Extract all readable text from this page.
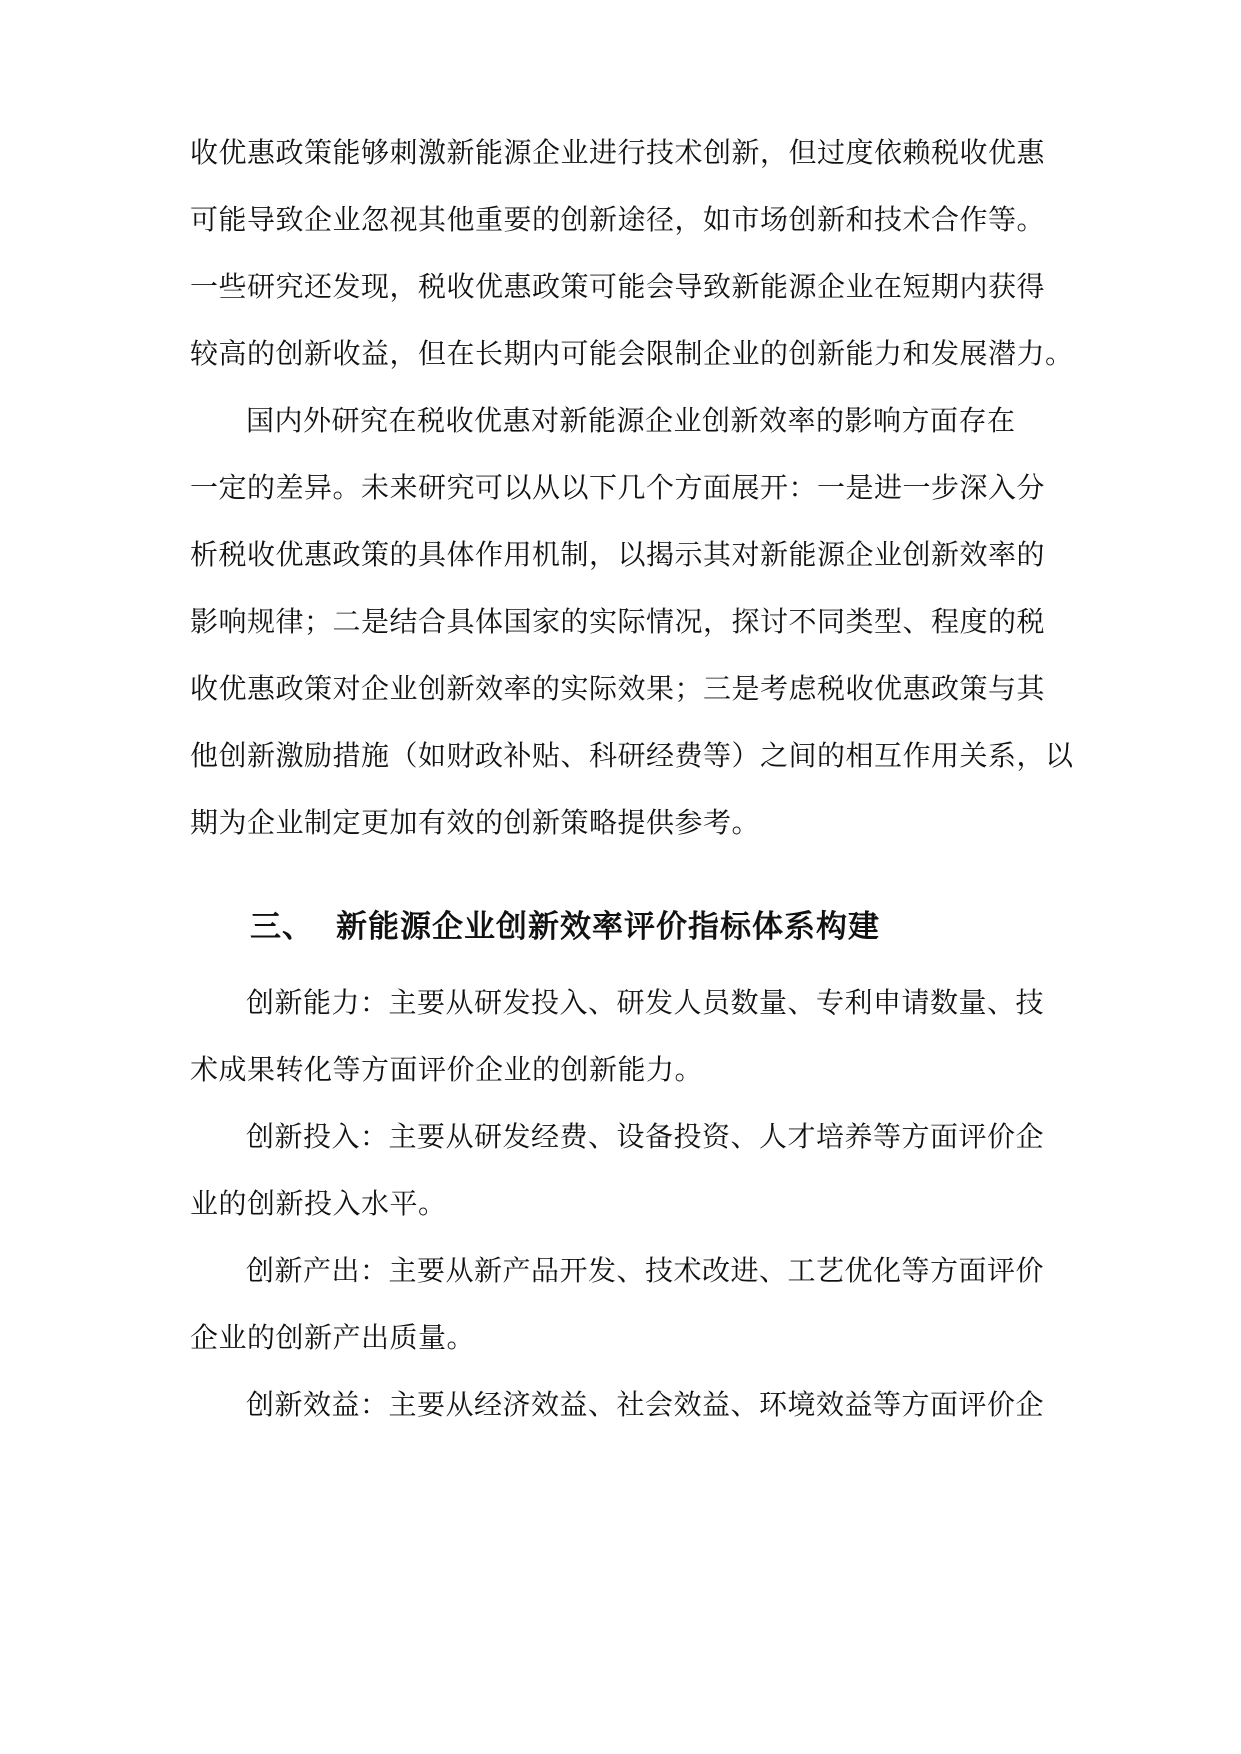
收优惠政策能够刺激新能源企业进行技术创新，但过度依赖税收优惠
可能导致企业忽视其他重要的创新途径，如市场创新和技术合作等。
一些研究还发现，税收优惠政策可能会导致新能源企业在短期内获得
较高的创新收益，但在长期内可能会限制企业的创新能力和发展潜力。
国内外研究在税收优惠对新能源企业创新效率的影响方面存在
一定的差异。未来研究可以从以下几个方面展开：一是进一步深入分
析税收优惠政策的具体作用机制，以揭示其对新能源企业创新效率的
影响规律；二是结合具体国家的实际情况，探讨不同类型、程度的税
收优惠政策对企业创新效率的实际效果；三是考虑税收优惠政策与其
他创新激励措施（如财政补贴、科研经费等）之间的相互作用关系，以
期为企业制定更加有效的创新策略提供参考。
三、 新能源企业创新效率评价指标体系构建
创新能力：主要从研发投入、研发人员数量、专利申请数量、技
术成果转化等方面评价企业的创新能力。
创新投入：主要从研发经费、设备投资、人才培养等方面评价企
业的创新投入水平。
创新产出：主要从新产品开发、技术改进、工艺优化等方面评价
企业的创新产出质量。
创新效益：主要从经济效益、社会效益、环境效益等方面评价企
